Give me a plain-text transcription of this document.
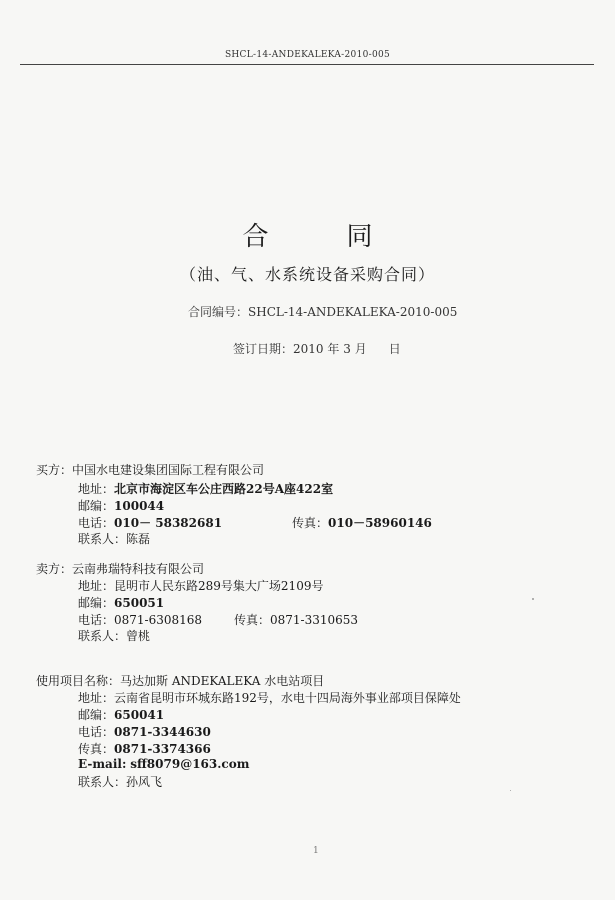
SHCL-14-ANDEKALEKA-2010-005
合同
（油、气、水系统设备采购合同）
合同编号：SHCL-14-ANDEKALEKA-2010-005
签订日期：2010 年 3 月 日
买方：中国水电建设集团国际工程有限公司
地址：北京市海淀区车公庄西路22号A座422室
邮编：100044
电话：010－ 58382681	传真：010－58960146
联系人：陈磊
卖方：云南弗瑞特科技有限公司
地址：昆明市人民东路289号集大广场2109号
邮编：650051
电话：0871-6308168	传真：0871-3310653
联系人：曾桃
使用项目名称：马达加斯 ANDEKALEKA 水电站项目
地址：云南省昆明市环城东路192号，水电十四局海外事业部项目保障处
邮编：650041
电话：0871-3344630
传真：0871-3374366
E-mail: sff8079@163.com
联系人：孙风飞
1
